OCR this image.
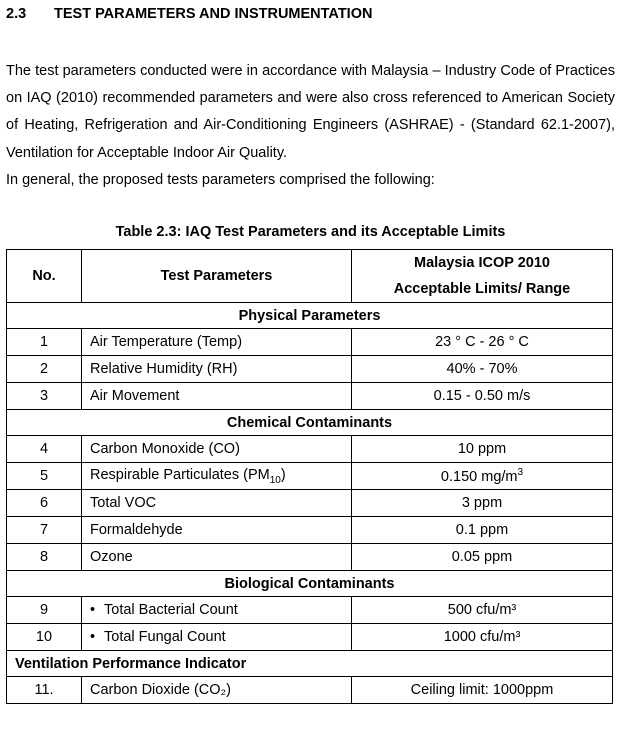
2.3 TEST PARAMETERS AND INSTRUMENTATION

The test parameters conducted were in accordance with Malaysia – Industry Code of Practices on IAQ (2010) recommended parameters and were also cross referenced to American Society of Heating, Refrigeration and Air-Conditioning Engineers (ASHRAE) - (Standard 62.1-2007), Ventilation for Acceptable Indoor Air Quality.

In general, the proposed tests parameters comprised the following:

Table 2.3: IAQ Test Parameters and its Acceptable Limits
No.	Test Parameters	Malaysia ICOP 2010
Acceptable Limits/ Range

Physical Parameters		
1	Air Temperature (Temp)	23 ° C - 26 ° C
2	Relative Humidity (RH)	40% - 70%
3	Air Movement	0.15 - 0.50 m/s
Chemical Contaminants		
4	Carbon Monoxide (CO)	10 ppm
5	Respirable Particulates $(PM_{10})$	0.150 $mg/m^3$
6	Total VOC	3 ppm
7	Formaldehyde	0.1 ppm
8	Ozone	0.05 ppm
Biological Contaminants		
9	• Total Bacterial Count	500 cfu/m³
10	• Total Fungal Count	1000 cfu/m³
Ventilation Performance Indicator		
11.	Carbon Dioxide (CO₂)	Ceiling limit: 1000ppm
